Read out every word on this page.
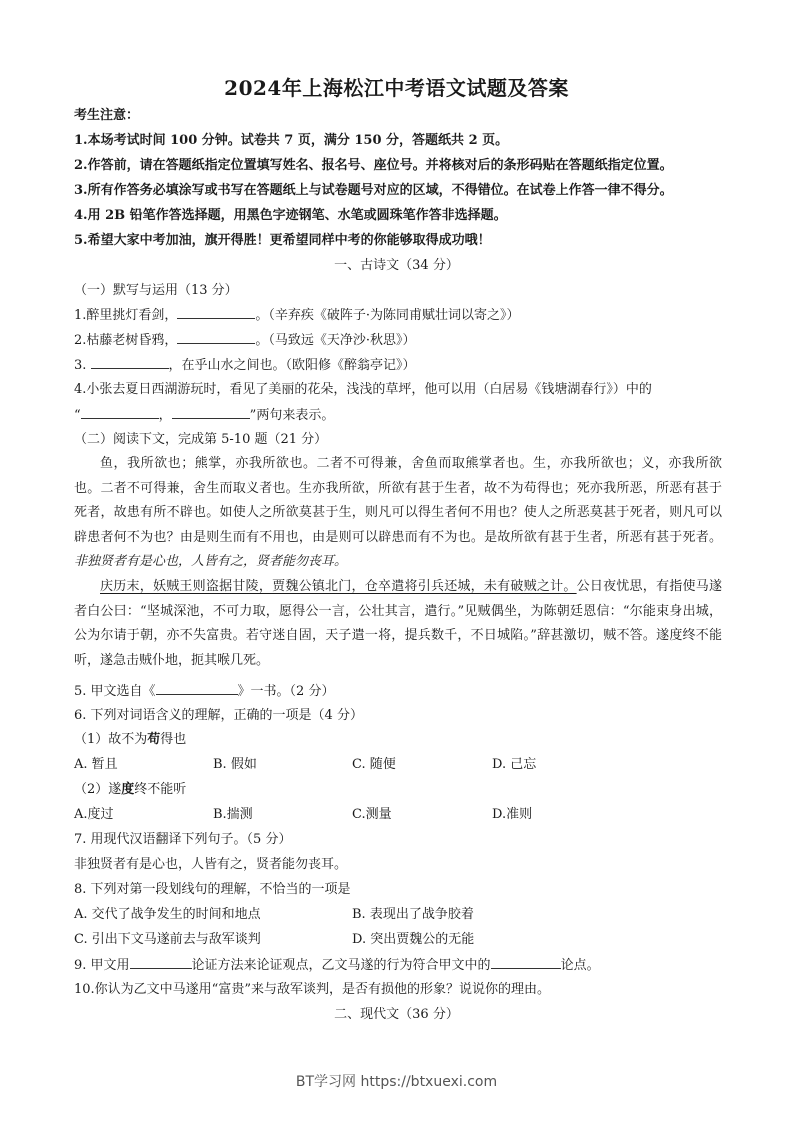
2024年上海松江中考语文试题及答案
考生注意：
1.本场考试时间 100 分钟。试卷共 7 页，满分 150 分，答题纸共 2 页。
2.作答前，请在答题纸指定位置填写姓名、报名号、座位号。并将核对后的条形码贴在答题纸指定位置。
3.所有作答务必填涂写或书写在答题纸上与试卷题号对应的区域，不得错位。在试卷上作答一律不得分。
4.用 2B 铅笔作答选择题，用黑色字迹钢笔、水笔或圆珠笔作答非选择题。
5.希望大家中考加油，旗开得胜！更希望同样中考的你能够取得成功哦！
一、古诗文（34 分）
（一）默写与运用（13 分）
1.醉里挑灯看剑，	。（辛弃疾《破阵子·为陈同甫赋壮词以寄之》）
2.枯藤老树昏鸦，	。（马致远《天净沙·秋思》）
3.	，在乎山水之间也。（欧阳修《醉翁亭记》）
4.小张去夏日西湖游玩时，看见了美丽的花朵，浅浅的草坪，他可以用（白居易《钱塘湖春行》）中的
“	，	”两句来表示。
（二）阅读下文，完成第 5-10 题（21 分）
鱼，我所欲也；熊掌，亦我所欲也。二者不可得兼，舍鱼而取熊掌者也。生，亦我所欲也；义，亦我所欲也。二者不可得兼，舍生而取义者也。生亦我所欲，所欲有甚于生者，故不为苟得也；死亦我所恶，所恶有甚于死者，故患有所不辟也。如使人之所欲莫甚于生，则凡可以得生者何不用也？使人之所恶莫甚于死者，则凡可以辟患者何不为也？由是则生而有不用也，由是则可以辟患而有不为也。是故所欲有甚于生者，所恶有甚于死者。非独贤者有是心也，人皆有之，贤者能勿丧耳。
庆历末，妖贼王则盗据甘陵，贾魏公镇北门，仓卒遣将引兵还城，未有破贼之计。公日夜忧思，有指使马遂者白公曰：“坚城深池，不可力取，愿得公一言，公壮其言，遣行。”见贼偶坐，为陈朝廷恩信：“尔能束身出城，公为尔请于朝，亦不失富贵。若守迷自固，天子遣一将，提兵数千，不日城陷。”辞甚激切，贼不答。遂度终不能听，遂急击贼仆地，扼其喉几死。
5. 甲文选自《	》一书。（2 分）
6. 下列对词语含义的理解，正确的一项是（4 分）
（1）故不为苟得也
A. 暂且	B. 假如	C. 随便	D. 己忘
（2）遂度终不能听
A.度过	B.揣测	C.测量	D.准则
7. 用现代汉语翻译下列句子。（5 分）
非独贤者有是心也，人皆有之，贤者能勿丧耳。
8. 下列对第一段划线句的理解，不恰当的一项是
A. 交代了战争发生的时间和地点	B. 表现出了战争胶着
C. 引出下文马遂前去与敌军谈判	D. 突出贾魏公的无能
9. 甲文用	论证方法来论证观点，乙文马遂的行为符合甲文中的	论点。
10.你认为乙文中马遂用“富贵”来与敌军谈判，是否有损他的形象？说说你的理由。
二、现代文（36 分）
BT学习网 https://btxuexi.com
